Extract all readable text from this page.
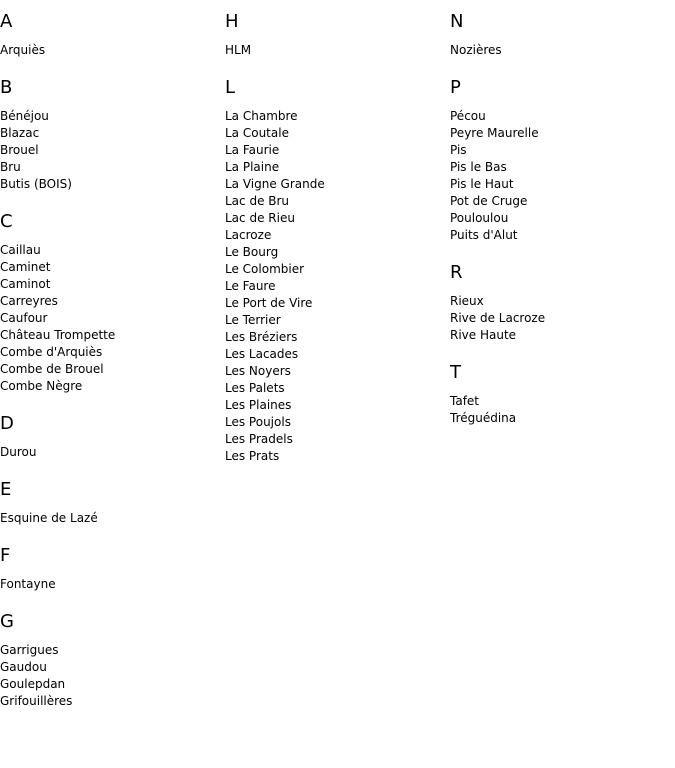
A
Arquiès
B
Bénéjou
Blazac
Brouel
Bru
Butis (BOIS)
C
Caillau
Caminet
Caminot
Carreyres
Caufour
Château Trompette
Combe d'Arquiès
Combe de Brouel
Combe Nègre
D
Durou
E
Esquine de Lazé
F
Fontayne
G
Garrigues
Gaudou
Goulepdan
Grifouillères
H
HLM
L
La Chambre
La Coutale
La Faurie
La Plaine
La Vigne Grande
Lac de Bru
Lac de Rieu
Lacroze
Le Bourg
Le Colombier
Le Faure
Le Port de Vire
Le Terrier
Les Bréziers
Les Lacades
Les Noyers
Les Palets
Les Plaines
Les Poujols
Les Pradels
Les Prats
N
Nozières
P
Pécou
Peyre Maurelle
Pis
Pis le Bas
Pis le Haut
Pot de Cruge
Pouloulou
Puits d'Alut
R
Rieux
Rive de Lacroze
Rive Haute
T
Tafet
Tréguédina
